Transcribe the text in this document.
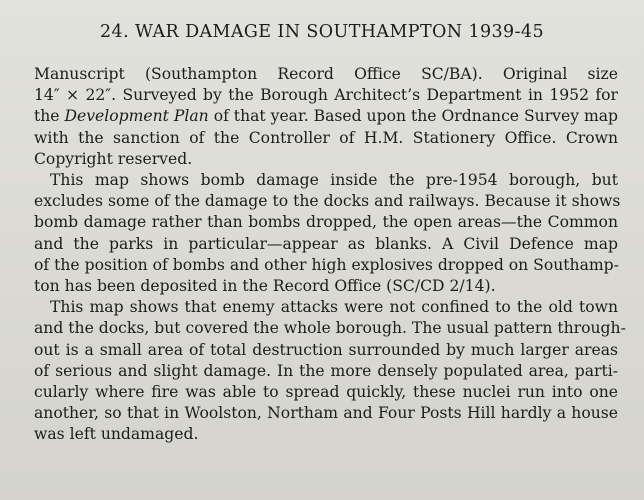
24. WAR DAMAGE IN SOUTHAMPTON 1939-45
Manuscript (Southampton Record Office SC/BA). Original size
14″ × 22″. Surveyed by the Borough Architect’s Department in 1952 for
the Development Plan of that year. Based upon the Ordnance Survey map
with the sanction of the Controller of H.M. Stationery Office. Crown
Copyright reserved.
This map shows bomb damage inside the pre-1954 borough, but
excludes some of the damage to the docks and railways. Because it shows
bomb damage rather than bombs dropped, the open areas—the Common
and the parks in particular—appear as blanks. A Civil Defence map
of the position of bombs and other high explosives dropped on Southamp-
ton has been deposited in the Record Office (SC/CD 2/14).
This map shows that enemy attacks were not confined to the old town
and the docks, but covered the whole borough. The usual pattern through-
out is a small area of total destruction surrounded by much larger areas
of serious and slight damage. In the more densely populated area, parti-
cularly where fire was able to spread quickly, these nuclei run into one
another, so that in Woolston, Northam and Four Posts Hill hardly a house
was left undamaged.
